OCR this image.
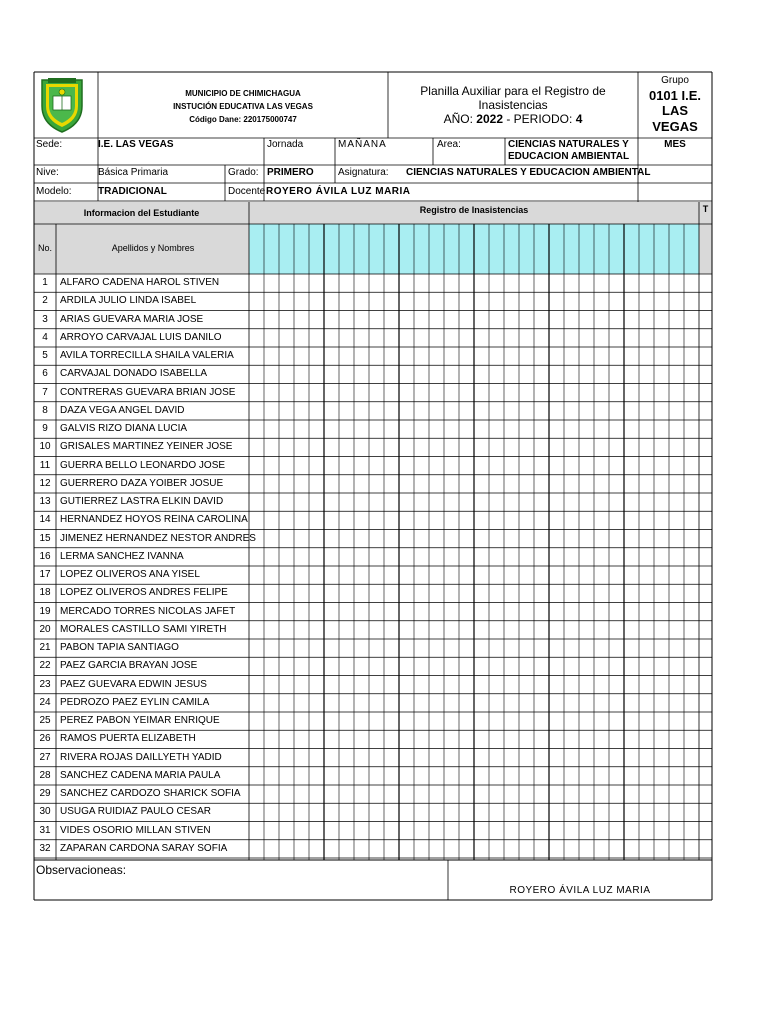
MUNICIPIO DE CHIMICHAGUA
INSTUCIÓN EDUCATIVA LAS VEGAS
Código Dane: 220175000747
Planilla Auxiliar para el Registro de
Inasistencias
AÑO: 2022 - PERIODO: 4
Grupo
0101 I.E.
LAS
VEGAS
Sede:	I.E. LAS VEGAS	Jornada	MAÑANA	Area:	CIENCIAS NATURALES Y
EDUCACION AMBIENTAL
MES
Nive:	Básica Primaria	Grado: PRIMERO Asignatura: CIENCIAS NATURALES Y EDUCACION AMBIENTAL
Modelo:	TRADICIONAL	Docente ROYERO ÁVILA LUZ MARIA
Informacion del Estudiante	Registro de Inasistencias	T
No.	Apellidos y Nombres
1	ALFARO CADENA HAROL STIVEN
2	ARDILA JULIO LINDA ISABEL
3	ARIAS GUEVARA MARIA JOSE
4	ARROYO CARVAJAL LUIS DANILO
5	AVILA TORRECILLA SHAILA VALERIA
6	CARVAJAL DONADO ISABELLA
7	CONTRERAS GUEVARA BRIAN JOSE
8	DAZA VEGA ANGEL DAVID
9	GALVIS RIZO DIANA LUCIA
10 GRISALES MARTINEZ YEINER JOSE
11 GUERRA BELLO LEONARDO JOSE
12 GUERRERO DAZA YOIBER JOSUE
13 GUTIERREZ LASTRA ELKIN DAVID
14 HERNANDEZ HOYOS REINA CAROLINA
15 JIMENEZ HERNANDEZ NESTOR ANDRES
16 LERMA SANCHEZ IVANNA
17 LOPEZ OLIVEROS ANA YISEL
18 LOPEZ OLIVEROS ANDRES FELIPE
19 MERCADO TORRES NICOLAS JAFET
20 MORALES CASTILLO SAMI YIRETH
21 PABON TAPIA SANTIAGO
22 PAEZ GARCIA BRAYAN JOSE
23 PAEZ GUEVARA EDWIN JESUS
24 PEDROZO PAEZ EYLIN CAMILA
25 PEREZ PABON YEIMAR ENRIQUE
26 RAMOS PUERTA ELIZABETH
27 RIVERA ROJAS DAILLYETH YADID
28 SANCHEZ CADENA MARIA PAULA
29 SANCHEZ CARDOZO SHARICK SOFIA
30 USUGA RUIDIAZ PAULO CESAR
31 VIDES OSORIO MILLAN STIVEN
32 ZAPARAN CARDONA SARAY SOFIA
Observacioneas:
ROYERO ÁVILA LUZ MARIA
